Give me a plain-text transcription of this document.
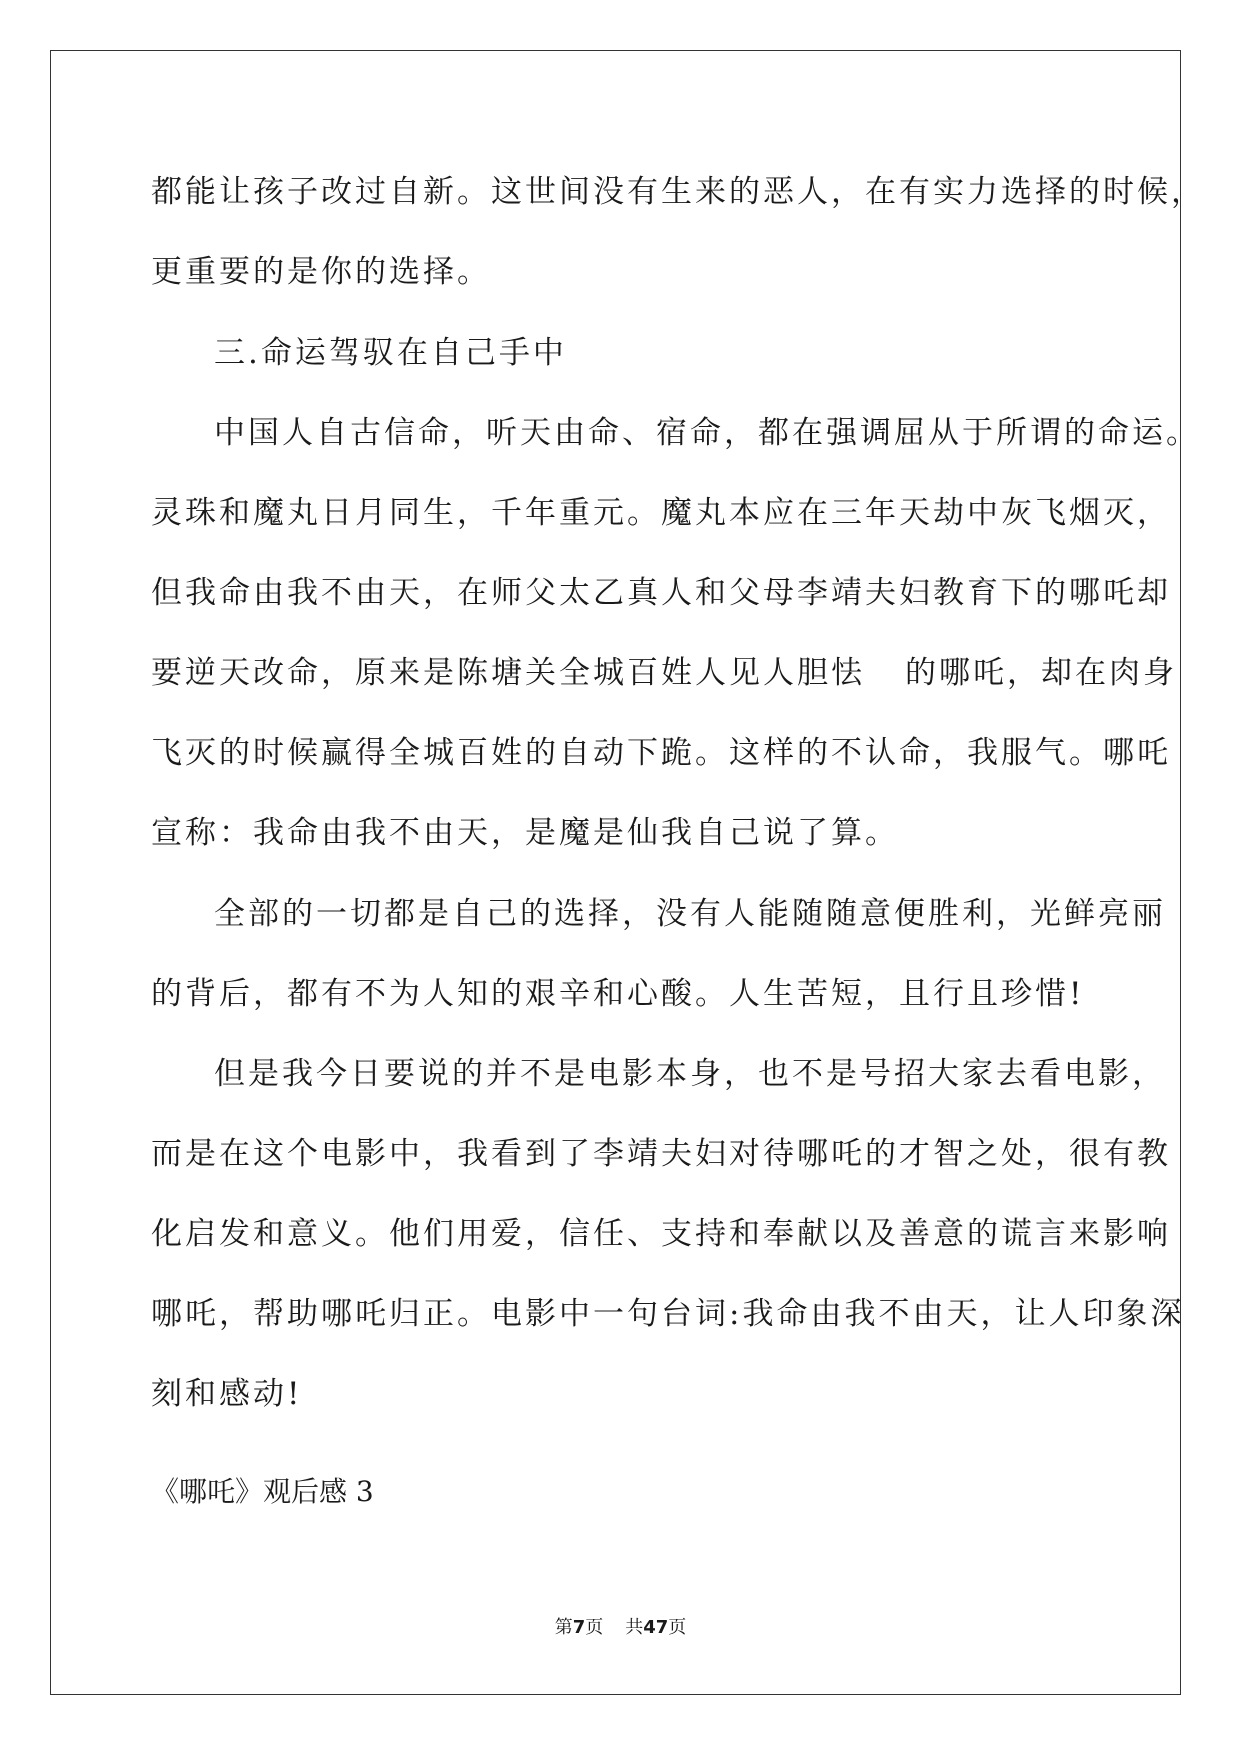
都能让孩子改过自新。这世间没有生来的恶人，在有实力选择的时候，
更重要的是你的选择。
三.命运驾驭在自己手中
中国人自古信命，听天由命、宿命，都在强调屈从于所谓的命运。
灵珠和魔丸日月同生，千年重元。魔丸本应在三年天劫中灰飞烟灭，
但我命由我不由天，在师父太乙真人和父母李靖夫妇教育下的哪吒却
要逆天改命，原来是陈塘关全城百姓人见人胆怯 的哪吒，却在肉身
飞灭的时候赢得全城百姓的自动下跪。这样的不认命，我服气。哪吒
宣称：我命由我不由天，是魔是仙我自己说了算。
全部的一切都是自己的选择，没有人能随随意便胜利，光鲜亮丽
的背后，都有不为人知的艰辛和心酸。人生苦短，且行且珍惜!
但是我今日要说的并不是电影本身，也不是号招大家去看电影，
而是在这个电影中，我看到了李靖夫妇对待哪吒的才智之处，很有教
化启发和意义。他们用爱，信任、支持和奉献以及善意的谎言来影响
哪吒，帮助哪吒归正。电影中一句台词:我命由我不由天，让人印象深
刻和感动!
《哪吒》观后感 3
第7页 共47页
